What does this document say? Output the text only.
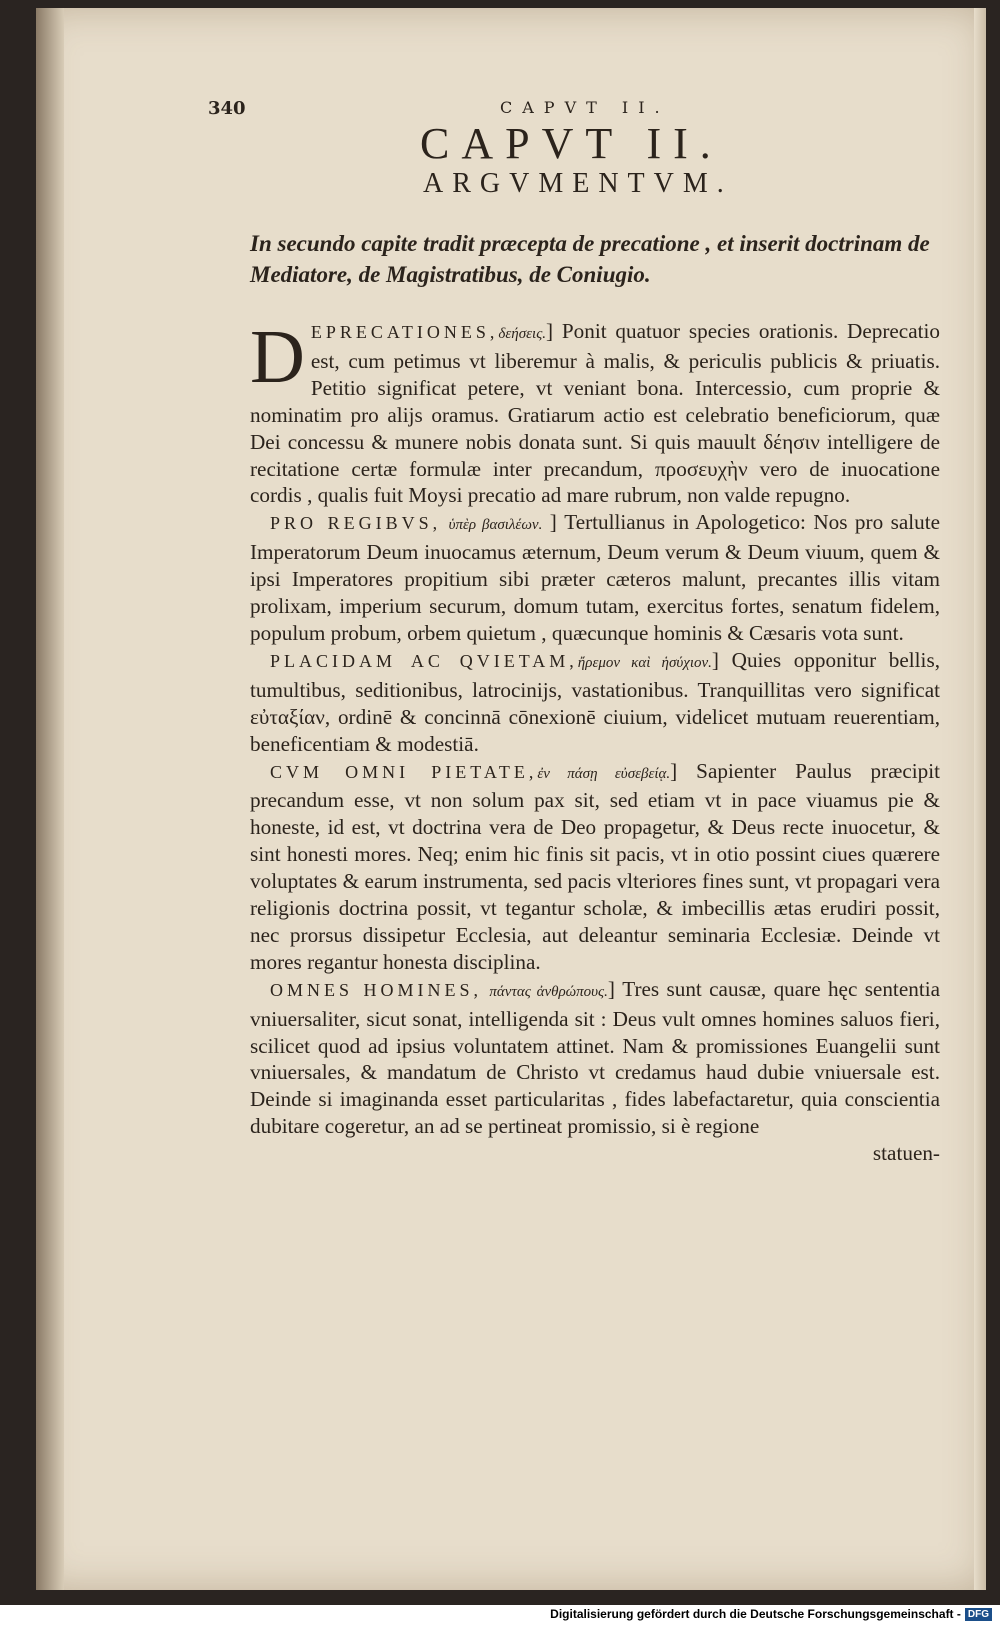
340	CAPVT II.
CAPVT II.
ARGVMENTVM.
In secundo capite tradit præcepta de precatione , et inserit doctrinam de Mediatore, de Magistratibus, de Coniugio.

DEPRECATIONES,δεήσεις.] Ponit quatuor species orationis. Deprecatio est, cum petimus vt liberemur à malis, & periculis publicis & priuatis. Petitio significat petere, vt veniant bona. Intercessio, cum proprie & nominatim pro alijs oramus. Gratiarum actio est celebratio beneficiorum, quæ Dei concessu & munere nobis donata sunt. Si quis mauult δέησιν intelligere de recitatione certæ formulæ inter precandum, προσευχὴν vero de inuocatione cordis , qualis fuit Moysi precatio ad mare rubrum, non valde repugno.

PRO REGIBVS, ὑπὲρ βασιλέων. ] Tertullianus in Apologetico: Nos pro salute Imperatorum Deum inuocamus æternum, Deum verum & Deum viuum, quem & ipsi Imperatores propitium sibi præter cæteros malunt, precantes illis vitam prolixam, imperium securum, domum tutam, exercitus fortes, senatum fidelem, populum probum, orbem quietum , quæcunque hominis & Cæsaris vota sunt.

PLACIDAM AC QVIETAM,ἤρεμον καὶ ἡσύχιον.] Quies opponitur bellis, tumultibus, seditionibus, latrocinijs, vastationibus. Tranquillitas vero significat εὐταξίαν, ordinē & concinnā cōnexionē ciuium, videlicet mutuam reuerentiam, beneficentiam & modestiā.

CVM OMNI PIETATE,ἐν πάσῃ εὐσεβείᾳ.] Sapienter Paulus præcipit precandum esse, vt non solum pax sit, sed etiam vt in pace viuamus pie & honeste, id est, vt doctrina vera de Deo propagetur, & Deus recte inuocetur, & sint honesti mores. Neq; enim hic finis sit pacis, vt in otio possint ciues quærere voluptates & earum instrumenta, sed pacis vlteriores fines sunt, vt propagari vera religionis doctrina possit, vt tegantur scholæ, & imbecillis ætas erudiri possit, nec prorsus dissipetur Ecclesia, aut deleantur seminaria Ecclesiæ. Deinde vt mores regantur honesta disciplina.

OMNES HOMINES, πάντας ἀνθρώπους.] Tres sunt causæ, quare hęc sententia vniuersaliter, sicut sonat, intelligenda sit : Deus vult omnes homines saluos fieri, scilicet quod ad ipsius voluntatem attinet. Nam & promissiones Euangelii sunt vniuersales, & mandatum de Christo vt credamus haud dubie vniuersale est. Deinde si imaginanda esset particularitas , fides labefactaretur, quia conscientia dubitare cogeretur, an ad se pertineat promissio, si è regione

statuen-

Digitalisierung gefördert durch die Deutsche Forschungsgemeinschaft - DFG
